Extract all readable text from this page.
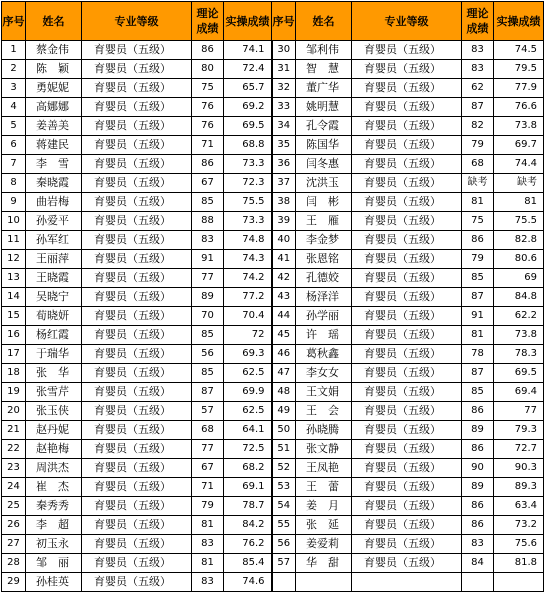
序号	姓名	专业等级	理论成绩	实操成绩	序号	姓名	专业等级	理论成绩	实操成绩
1	蔡金伟	育婴员（五级）	86	74.1	30	邹利伟	育婴员（五级）	83	74.5
2	陈　颖	育婴员（五级）	80	72.4	31	智　慧	育婴员（五级）	83	79.5
3	勇妮妮	育婴员（五级）	75	65.7	32	董广华	育婴员（五级）	62	77.9
4	高娜娜	育婴员（五级）	76	69.2	33	姚明慧	育婴员（五级）	87	76.6
5	姜善美	育婴员（五级）	76	69.5	34	孔令霞	育婴员（五级）	82	73.8
6	蒋建民	育婴员（五级）	71	68.8	35	陈国华	育婴员（五级）	79	69.7
7	李　雪	育婴员（五级）	86	73.3	36	闫冬惠	育婴员（五级）	68	74.4
8	秦晓霞	育婴员（五级）	67	72.3	37	沈洪玉	育婴员（五级）	缺考	缺考
9	曲岩梅	育婴员（五级）	85	75.5	38	闫　彬	育婴员（五级）	81	81
10	孙爱平	育婴员（五级）	88	73.3	39	王　雁	育婴员（五级）	75	75.5
11	孙军红	育婴员（五级）	83	74.8	40	李金梦	育婴员（五级）	86	82.8
12	王丽萍	育婴员（五级）	91	74.3	41	张恩铭	育婴员（五级）	79	80.6
13	王晓霞	育婴员（五级）	77	74.2	42	孔德姣	育婴员（五级）	85	69
14	吴晓宁	育婴员（五级）	89	77.2	43	杨泽洋	育婴员（五级）	87	84.8
15	荀晓妍	育婴员（五级）	70	70.4	44	孙学丽	育婴员（五级）	91	62.2
16	杨红霞	育婴员（五级）	85	72	45	许　瑶	育婴员（五级）	81	73.8
17	于瑞华	育婴员（五级）	56	69.3	46	葛秋鑫	育婴员（五级）	78	78.3
18	张　华	育婴员（五级）	85	62.5	47	李女女	育婴员（五级）	87	69.5
19	张雪芹	育婴员（五级）	87	69.9	48	王文娟	育婴员（五级）	85	69.4
20	张玉侠	育婴员（五级）	57	62.5	49	王　会	育婴员（五级）	86	77
21	赵丹妮	育婴员（五级）	68	64.1	50	孙晓腾	育婴员（五级）	89	79.3
22	赵艳梅	育婴员（五级）	77	72.5	51	张文静	育婴员（五级）	86	72.7
23	周洪杰	育婴员（五级）	67	68.2	52	王凤艳	育婴员（五级）	90	90.3
24	崔　杰	育婴员（五级）	71	69.1	53	王　蕾	育婴员（五级）	89	89.3
25	秦秀秀	育婴员（五级）	79	78.7	54	姜　月	育婴员（五级）	86	63.4
26	李　超	育婴员（五级）	81	84.2	55	张　延	育婴员（五级）	86	73.2
27	初玉永	育婴员（五级）	83	76.2	56	姜爱莉	育婴员（五级）	83	75.6
28	邹　丽	育婴员（五级）	81	85.4	57	华　甜	育婴员（五级）	84	81.8
29	孙桂英	育婴员（五级）	83	74.6					
